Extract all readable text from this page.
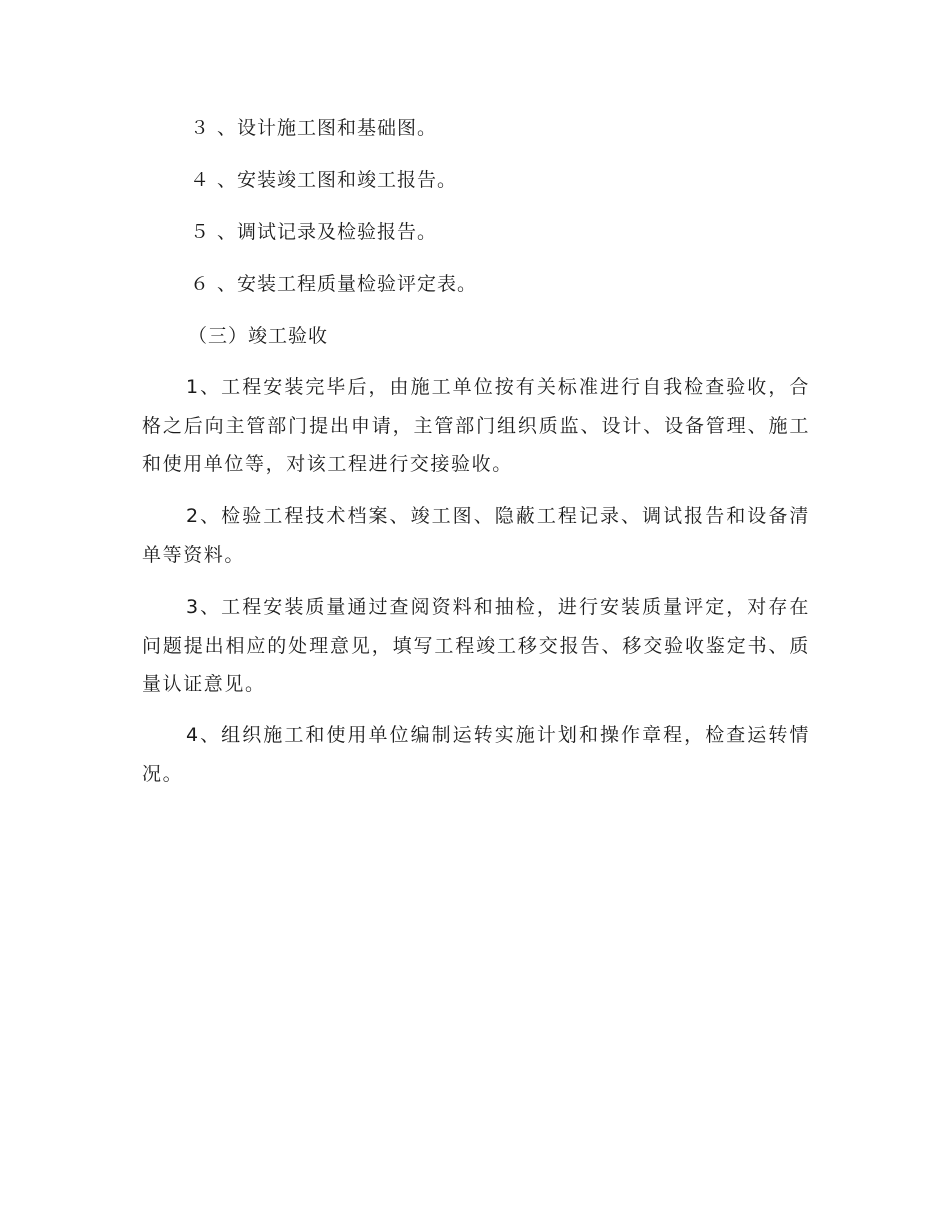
３ 、设计施工图和基础图。
４ 、安装竣工图和竣工报告。
５ 、调试记录及检验报告。
６ 、安装工程质量检验评定表。
（三）竣工验收

1、工程安装完毕后，由施工单位按有关标准进行自我检查验收，合格之后向主管部门提出申请，主管部门组织质监、设计、设备管理、施工和使用单位等，对该工程进行交接验收。

2、检验工程技术档案、竣工图、隐蔽工程记录、调试报告和设备清单等资料。

3、工程安装质量通过查阅资料和抽检，进行安装质量评定，对存在问题提出相应的处理意见，填写工程竣工移交报告、移交验收鉴定书、质量认证意见。

4、组织施工和使用单位编制运转实施计划和操作章程，检查运转情况。
